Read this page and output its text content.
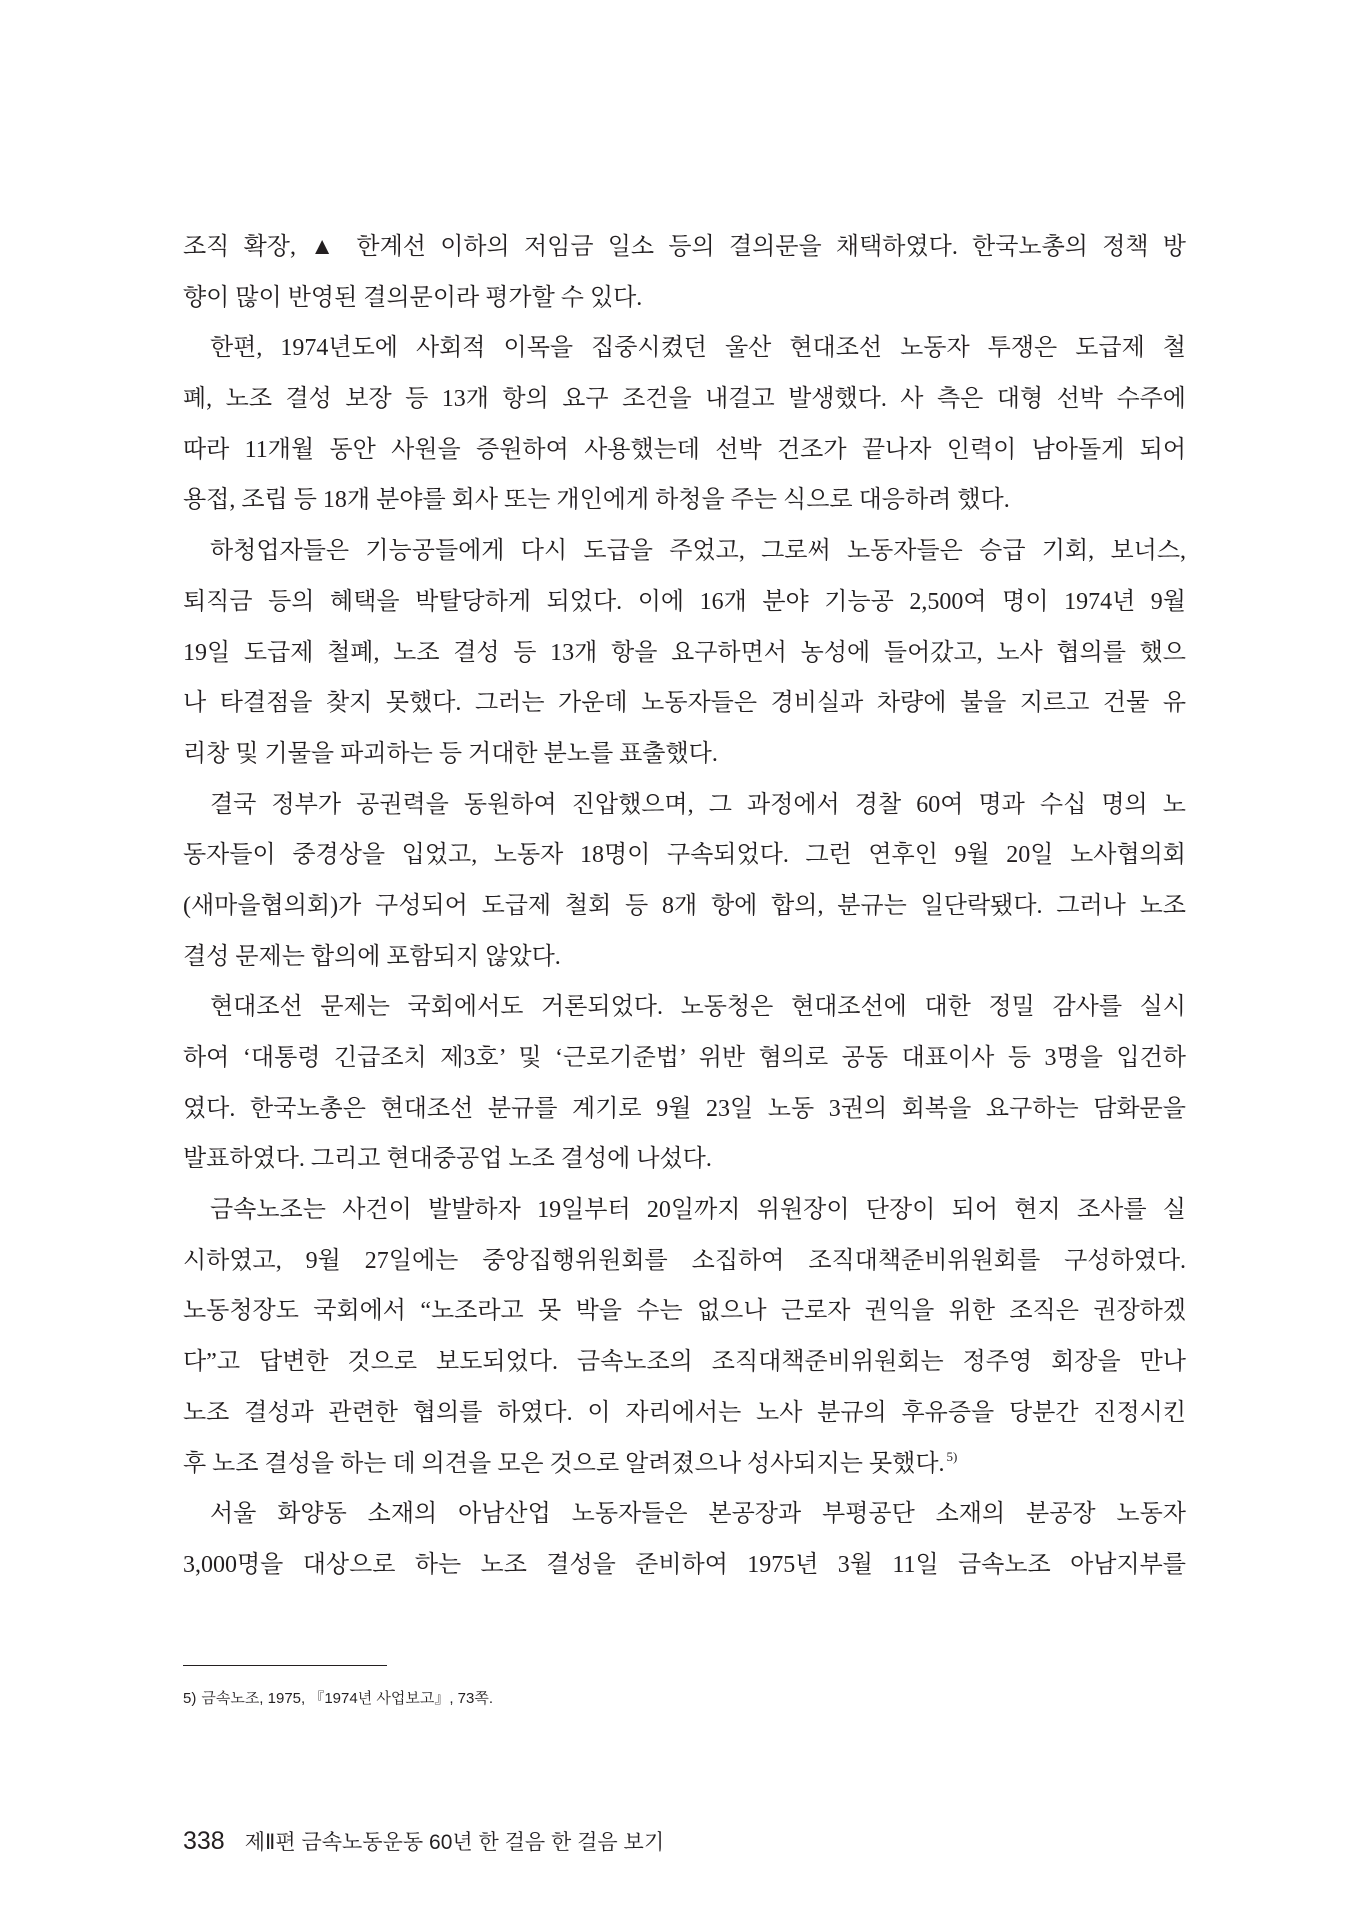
조직 확장, ▲ 한계선 이하의 저임금 일소 등의 결의문을 채택하였다. 한국노총의 정책 방
향이 많이 반영된 결의문이라 평가할 수 있다.
한편, 1974년도에 사회적 이목을 집중시켰던 울산 현대조선 노동자 투쟁은 도급제 철
폐, 노조 결성 보장 등 13개 항의 요구 조건을 내걸고 발생했다. 사 측은 대형 선박 수주에
따라 11개월 동안 사원을 증원하여 사용했는데 선박 건조가 끝나자 인력이 남아돌게 되어
용접, 조립 등 18개 분야를 회사 또는 개인에게 하청을 주는 식으로 대응하려 했다.
하청업자들은 기능공들에게 다시 도급을 주었고, 그로써 노동자들은 승급 기회, 보너스,
퇴직금 등의 혜택을 박탈당하게 되었다. 이에 16개 분야 기능공 2,500여 명이 1974년 9월
19일 도급제 철폐, 노조 결성 등 13개 항을 요구하면서 농성에 들어갔고, 노사 협의를 했으
나 타결점을 찾지 못했다. 그러는 가운데 노동자들은 경비실과 차량에 불을 지르고 건물 유
리창 및 기물을 파괴하는 등 거대한 분노를 표출했다.
결국 정부가 공권력을 동원하여 진압했으며, 그 과정에서 경찰 60여 명과 수십 명의 노
동자들이 중경상을 입었고, 노동자 18명이 구속되었다. 그런 연후인 9월 20일 노사협의회
(새마을협의회)가 구성되어 도급제 철회 등 8개 항에 합의, 분규는 일단락됐다. 그러나 노조
결성 문제는 합의에 포함되지 않았다.
현대조선 문제는 국회에서도 거론되었다. 노동청은 현대조선에 대한 정밀 감사를 실시
하여 ‘대통령 긴급조치 제3호’ 및 ‘근로기준법’ 위반 혐의로 공동 대표이사 등 3명을 입건하
였다. 한국노총은 현대조선 분규를 계기로 9월 23일 노동 3권의 회복을 요구하는 담화문을
발표하였다. 그리고 현대중공업 노조 결성에 나섰다.
금속노조는 사건이 발발하자 19일부터 20일까지 위원장이 단장이 되어 현지 조사를 실
시하였고, 9월 27일에는 중앙집행위원회를 소집하여 조직대책준비위원회를 구성하였다.
노동청장도 국회에서 “노조라고 못 박을 수는 없으나 근로자 권익을 위한 조직은 권장하겠
다”고 답변한 것으로 보도되었다. 금속노조의 조직대책준비위원회는 정주영 회장을 만나
노조 결성과 관련한 협의를 하였다. 이 자리에서는 노사 분규의 후유증을 당분간 진정시킨
후 노조 결성을 하는 데 의견을 모은 것으로 알려졌으나 성사되지는 못했다. $^{5)}$
서울 화양동 소재의 아남산업 노동자들은 본공장과 부평공단 소재의 분공장 노동자
3,000명을 대상으로 하는 노조 결성을 준비하여 1975년 3월 11일 금속노조 아남지부를
5) 금속노조, 1975, 『1974년 사업보고』, 73쪽.
338 제Ⅱ편 금속노동운동 60년 한 걸음 한 걸음 보기
